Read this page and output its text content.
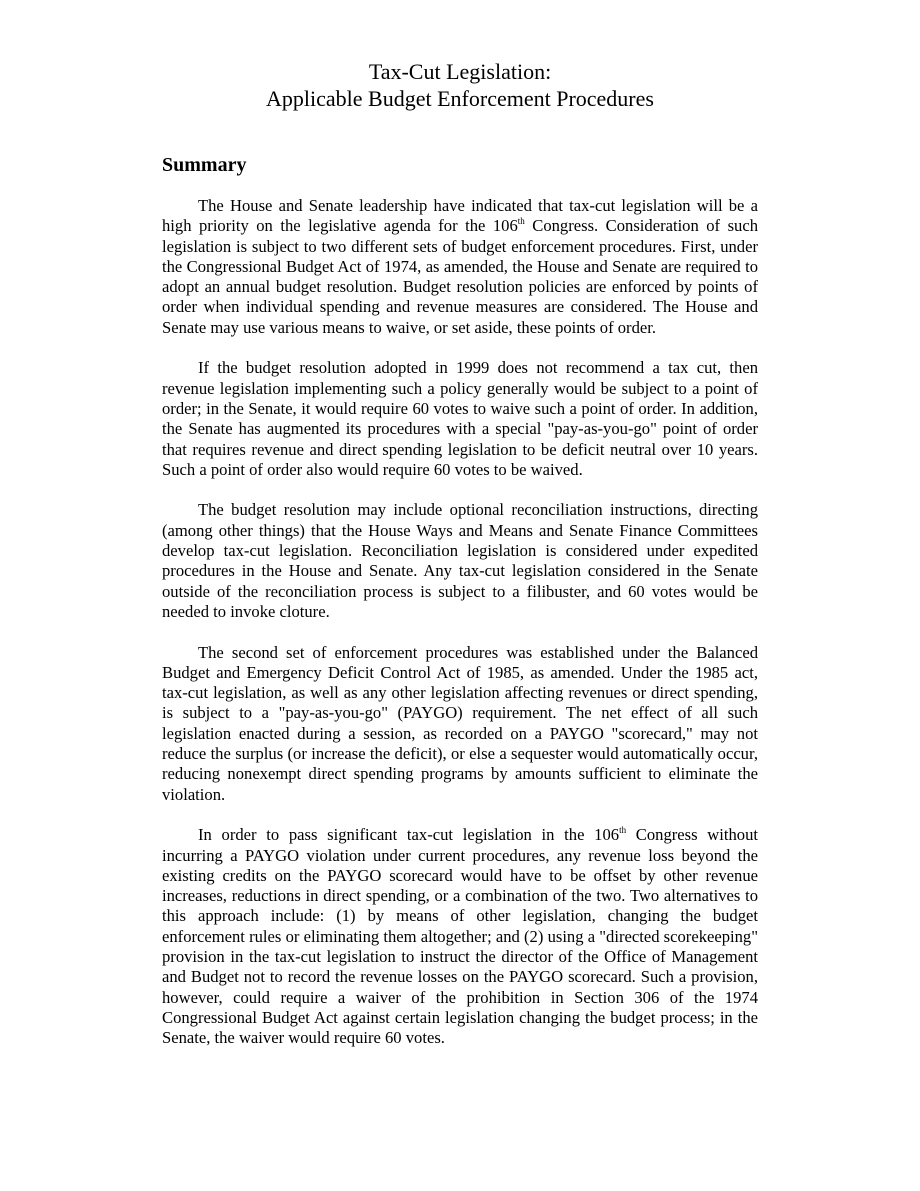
Tax-Cut Legislation:
Applicable Budget Enforcement Procedures
Summary

The House and Senate leadership have indicated that tax-cut legislation will be a high priority on the legislative agenda for the 106th Congress. Consideration of such legislation is subject to two different sets of budget enforcement procedures. First, under the Congressional Budget Act of 1974, as amended, the House and Senate are required to adopt an annual budget resolution. Budget resolution policies are enforced by points of order when individual spending and revenue measures are considered. The House and Senate may use various means to waive, or set aside, these points of order.

If the budget resolution adopted in 1999 does not recommend a tax cut, then revenue legislation implementing such a policy generally would be subject to a point of order; in the Senate, it would require 60 votes to waive such a point of order. In addition, the Senate has augmented its procedures with a special "pay-as-you-go" point of order that requires revenue and direct spending legislation to be deficit neutral over 10 years. Such a point of order also would require 60 votes to be waived.

The budget resolution may include optional reconciliation instructions, directing (among other things) that the House Ways and Means and Senate Finance Committees develop tax-cut legislation. Reconciliation legislation is considered under expedited procedures in the House and Senate. Any tax-cut legislation considered in the Senate outside of the reconciliation process is subject to a filibuster, and 60 votes would be needed to invoke cloture.

The second set of enforcement procedures was established under the Balanced Budget and Emergency Deficit Control Act of 1985, as amended. Under the 1985 act, tax-cut legislation, as well as any other legislation affecting revenues or direct spending, is subject to a "pay-as-you-go" (PAYGO) requirement. The net effect of all such legislation enacted during a session, as recorded on a PAYGO "scorecard," may not reduce the surplus (or increase the deficit), or else a sequester would automatically occur, reducing nonexempt direct spending programs by amounts sufficient to eliminate the violation.

In order to pass significant tax-cut legislation in the 106th Congress without incurring a PAYGO violation under current procedures, any revenue loss beyond the existing credits on the PAYGO scorecard would have to be offset by other revenue increases, reductions in direct spending, or a combination of the two. Two alternatives to this approach include: (1) by means of other legislation, changing the budget enforcement rules or eliminating them altogether; and (2) using a "directed scorekeeping" provision in the tax-cut legislation to instruct the director of the Office of Management and Budget not to record the revenue losses on the PAYGO scorecard. Such a provision, however, could require a waiver of the prohibition in Section 306 of the 1974 Congressional Budget Act against certain legislation changing the budget process; in the Senate, the waiver would require 60 votes.
